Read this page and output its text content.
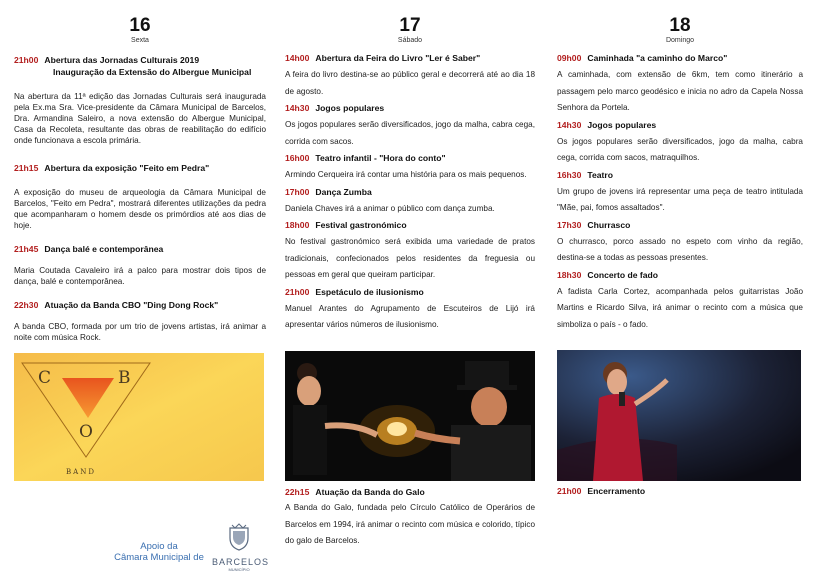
16
Sexta
21h00 Abertura das Jornadas Culturais 2019
Inauguração da Extensão do Albergue Municipal
Na abertura da 11ª edição das Jornadas Culturais será inaugurada pela Ex.ma Sra. Vice-presidente da Câmara Municipal de Barcelos, Dra. Armandina Saleiro, a nova extensão do Albergue Municipal, Casa da Recoleta, resultante das obras de reabilitação do edifício onde funcionava a escola primária.
21h15 Abertura da exposição "Feito em Pedra"
A exposição do museu de arqueologia da Câmara Municipal de Barcelos, "Feito em Pedra", mostrará diferentes utilizações da pedra que acompanharam o homem desde os primórdios até aos dias de hoje.
21h45 Dança balé e contemporânea
Maria Coutada Cavaleiro irá a palco para mostrar dois tipos de dança, balé e contemporânea.
22h30 Atuação da Banda CBO "Ding Dong Rock"
A banda CBO, formada por um trio de jovens artistas, irá animar a noite com música Rock.
C	B
O
BAND
17
Sábado
14h00 Abertura da Feira do Livro "Ler é Saber"
A feira do livro destina-se ao público geral e decorrerá até ao dia 18 de agosto.
14h30 Jogos populares
Os jogos populares serão diversificados, jogo da malha, cabra cega, corrida com sacos.
16h00 Teatro infantil - "Hora do conto"
Armindo Cerqueira irá contar uma história para os mais pequenos.
17h00 Dança Zumba
Daniela Chaves irá a animar o público com dança zumba.
18h00 Festival gastronómico
No festival gastronómico será exibida uma variedade de pratos tradicionais, confecionados pelos residentes da freguesia ou pessoas em geral que queiram participar.
21h00 Espetáculo de ilusionismo
Manuel Arantes do Agrupamento de Escuteiros de Lijó irá apresentar vários números de ilusionismo.
22h15 Atuação da Banda do Galo
A Banda do Galo, fundada pelo Círculo Católico de Operários de Barcelos em 1994, irá animar o recinto com música e colorido, típico do galo de Barcelos.
18
Domingo
09h00 Caminhada "a caminho do Marco"
A caminhada, com extensão de 6km, tem como itinerário a passagem pelo marco geodésico e inicia no adro da Capela Nossa Senhora da Portela.
14h30 Jogos populares
Os jogos populares serão diversificados, jogo da malha, cabra cega, corrida com sacos, matraquilhos.
16h30 Teatro
Um grupo de jovens irá representar uma peça de teatro intitulada "Mãe, pai, fomos assaltados".
17h30 Churrasco
O churrasco, porco assado no espeto com vinho da região, destina-se a todas as pessoas presentes.
18h30 Concerto de fado
A fadista Carla Cortez, acompanhada pelos guitarristas João Martins e Ricardo Silva, irá animar o recinto com a música que simboliza o país - o fado.
21h00 Encerramento
Apoio da
Câmara Municipal de BARCELOS
MUNICÍPIO
